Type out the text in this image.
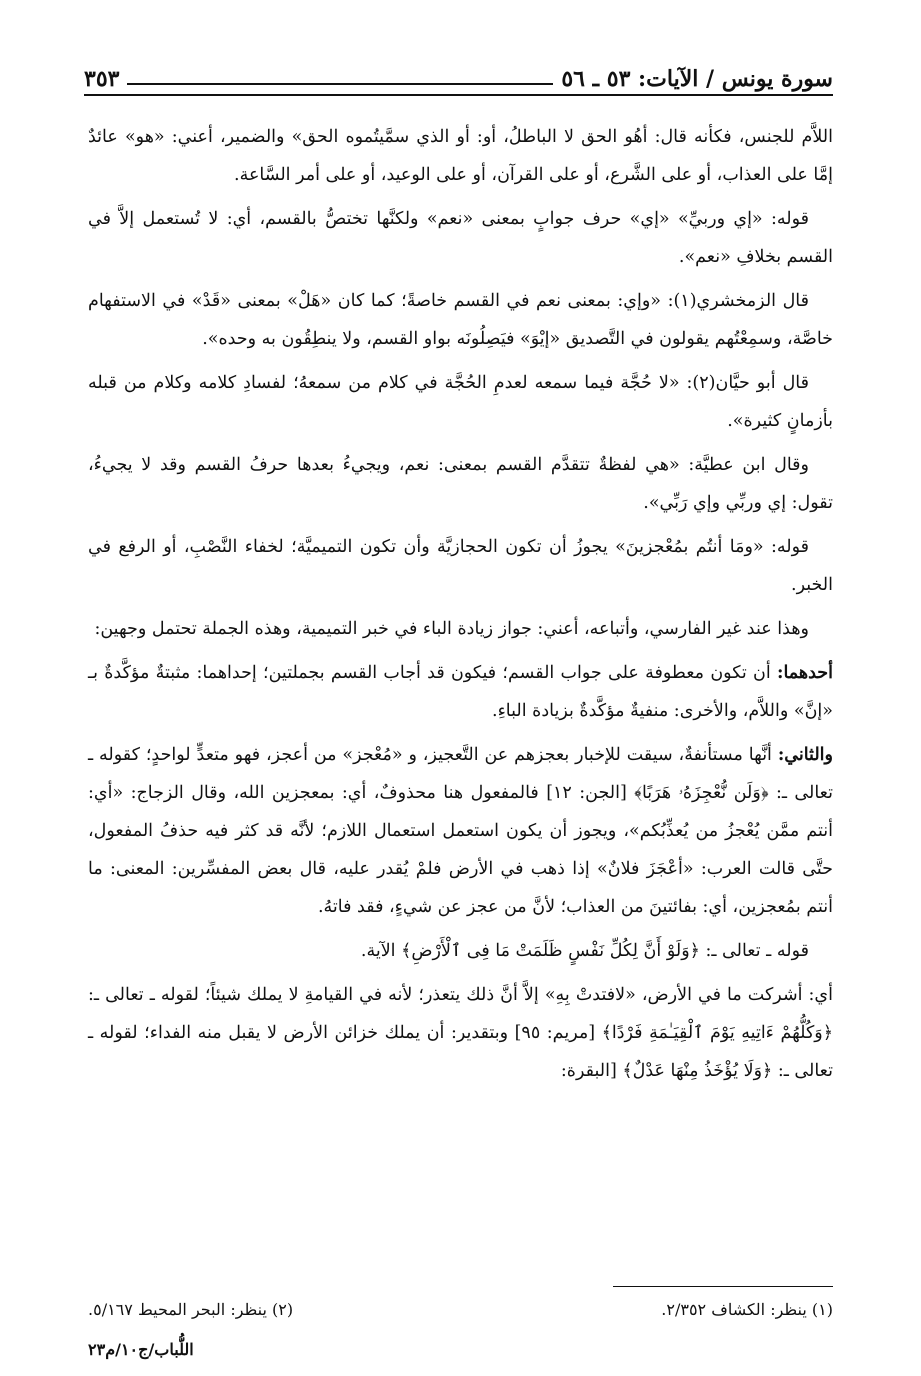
سورة يونس / الآيات: ٥٣ ـ ٥٦
٣٥٣

اللاَّم للجنس، فكأنه قال: أهُو الحق لا الباطلُ، أو: أو الذي سمَّيتُموه الحق» والضمير، أعني: «هو» عائدٌ إمَّا على العذاب، أو على الشَّرع، أو على القرآن، أو على الوعيد، أو على أمر السَّاعة.

قوله: «إي وربيِّ» «إي» حرف جوابٍ بمعنى «نعم» ولكنَّها تختصُّ بالقسم، أي: لا تُستعمل إلاَّ في القسم بخلافِ «نعم».

قال الزمخشري(١): «وإي: بمعنى نعم في القسم خاصةً؛ كما كان «هَلْ» بمعنى «قَدْ» في الاستفهام خاصَّة، وسمِعْتُهم يقولون في التَّصديق «إيْوَ» فيَصِلُونَه بواو القسم، ولا ينطِقُون به وحده».

قال أبو حيَّان(٢): «لا حُجَّة فيما سمعه لعدمِ الحُجَّة في كلام من سمعهُ؛ لفسادِ كلامه وكلام من قبله بأزمانٍ كثيرة».

وقال ابن عطيَّة: «هي لفظةٌ تتقدَّم القسم بمعنى: نعم، ويجيءُ بعدها حرفُ القسم وقد لا يجيءُ، تقول: إي وربِّي وإي رَبِّي».

قوله: «ومَا أنتُم بمُعْجزينَ» يجوزُ أن تكون الحجازيَّة وأن تكون التميميَّة؛ لخفاء النَّصْبِ، أو الرفع في الخبر.

وهذا عند غير الفارسي، وأتباعه، أعني: جواز زيادة الباء في خبر التميمية، وهذه الجملة تحتمل وجهين:

أحدهما: أن تكون معطوفة على جواب القسم؛ فيكون قد أجاب القسم بجملتين؛ إحداهما: مثبتةٌ مؤكَّدةٌ بـ «إنَّ» واللاَّم، والأخرى: منفيةٌ مؤكَّدةٌ بزيادة الباءِ.

والثاني: أنَّها مستأنفةٌ، سيقت للإخبار بعجزهم عن التَّعجيز، و «مُعْجز» من أعجز، فهو متعدٍّ لواحدٍ؛ كقوله ـ تعالى ـ: ﴿وَلَن نُّعْجِزَهُۥ هَرَبًا﴾ [الجن: ١٢] فالمفعول هنا محذوفٌ، أي: بمعجزين الله، وقال الزجاج: «أي: أنتم ممَّن يُعْجزُ من يُعذِّبُكم»، ويجوز أن يكون استعمل استعمال اللازم؛ لأنَّه قد كثر فيه حذفُ المفعول، حتَّى قالت العرب: «أعْجَزَ فلانٌ» إذا ذهب في الأرض فلمْ يُقدر عليه، قال بعض المفسِّرين: المعنى: ما أنتم بمُعجزين، أي: بفائتينَ من العذاب؛ لأنَّ من عجز عن شيءٍ، فقد فاتهُ.

قوله ـ تعالى ـ: ﴿وَلَوْ أَنَّ لِكُلِّ نَفْسٍ ظَلَمَتْ مَا فِى ٱلْأَرْضِ﴾ الآية.

أي: أشركت ما في الأرض، «لافتدتْ بِهِ» إلاَّ أنَّ ذلك يتعذر؛ لأنه في القيامةِ لا يملك شيئاً؛ لقوله ـ تعالى ـ: ﴿وَكُلُّهُمْ ءَاتِيهِ يَوْمَ ٱلْقِيَـٰمَةِ فَرْدًا﴾ [مريم: ٩٥] وبتقدير: أن يملك خزائن الأرض لا يقبل منه الفداء؛ لقوله ـ تعالى ـ: ﴿وَلَا يُؤْخَذُ مِنْهَا عَدْلٌ﴾ [البقرة:

(١) ينظر: الكشاف ٢/٣٥٢.
(٢) ينظر: البحر المحيط ٥/١٦٧.
اللُّباب/ج١٠/م٢٣
